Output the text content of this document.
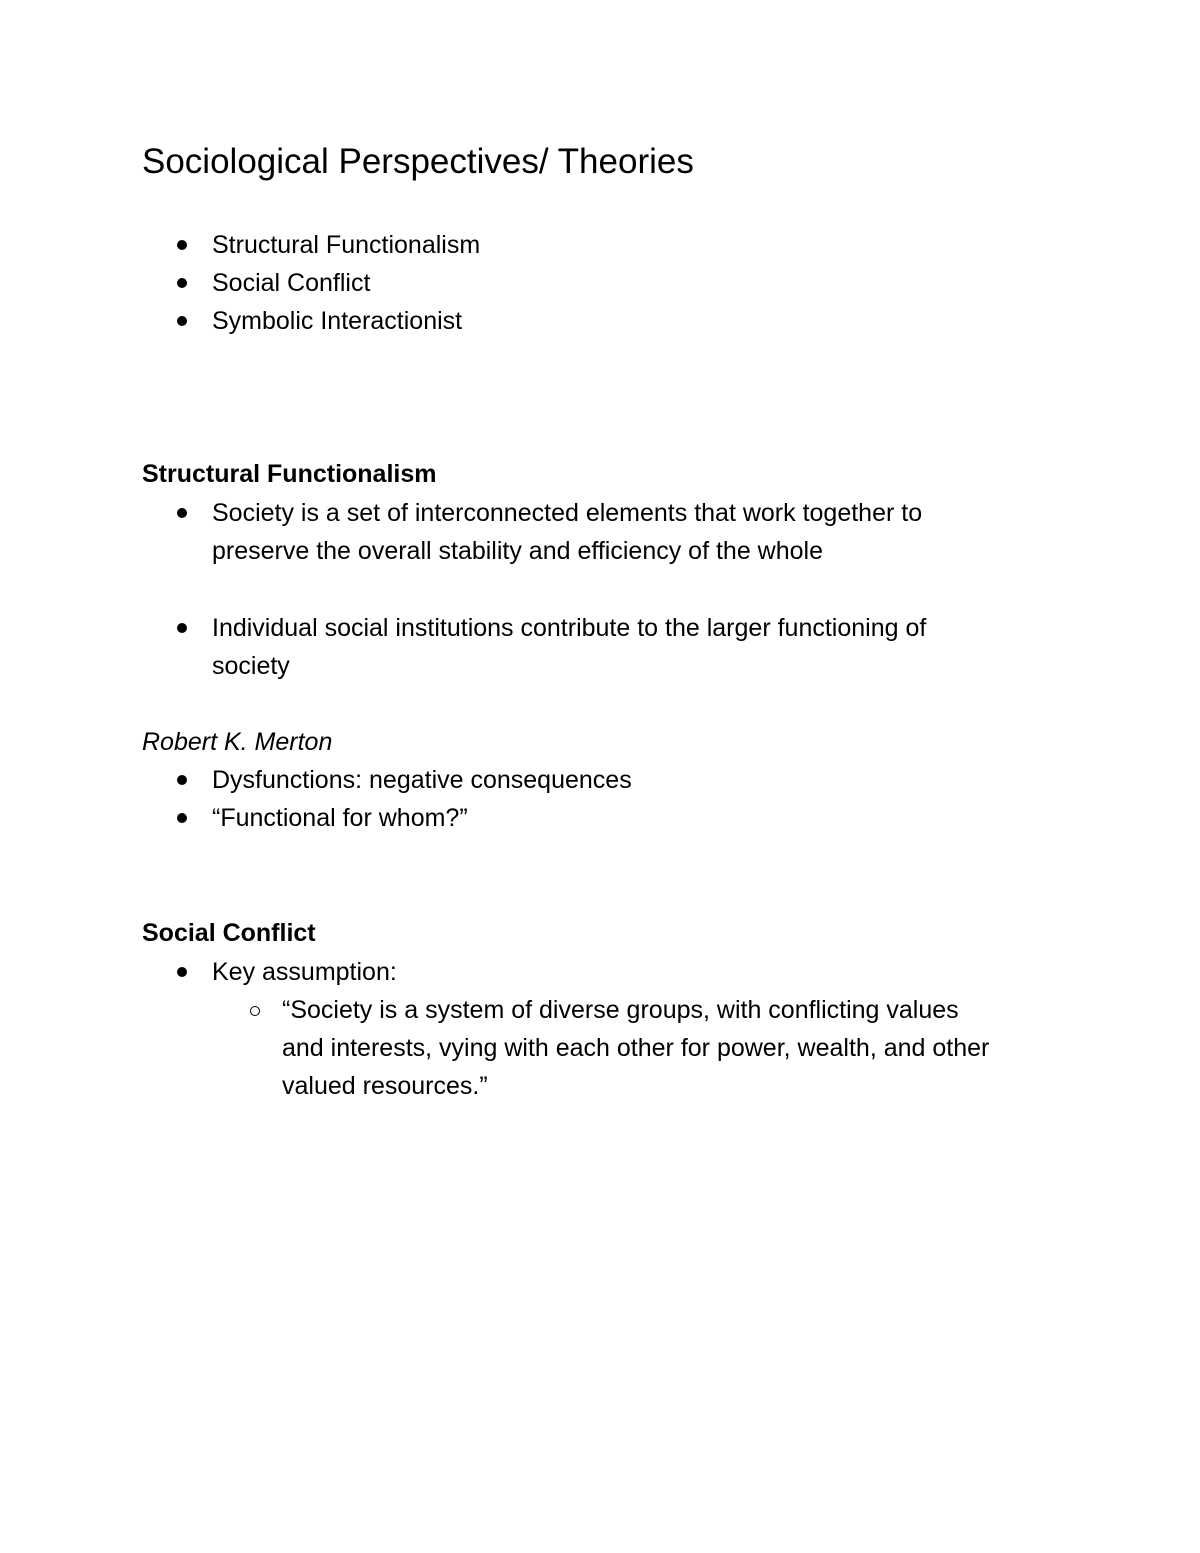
Sociological Perspectives/ Theories
Structural Functionalism
Social Conflict
Symbolic Interactionist
Structural Functionalism
Society is a set of interconnected elements that work together to
preserve the overall stability and efficiency of the whole
Individual social institutions contribute to the larger functioning of
society
Robert K. Merton
Dysfunctions: negative consequences
“Functional for whom?”
Social Conflict
Key assumption:
“Society is a system of diverse groups, with conflicting values
and interests, vying with each other for power, wealth, and other
valued resources.”
